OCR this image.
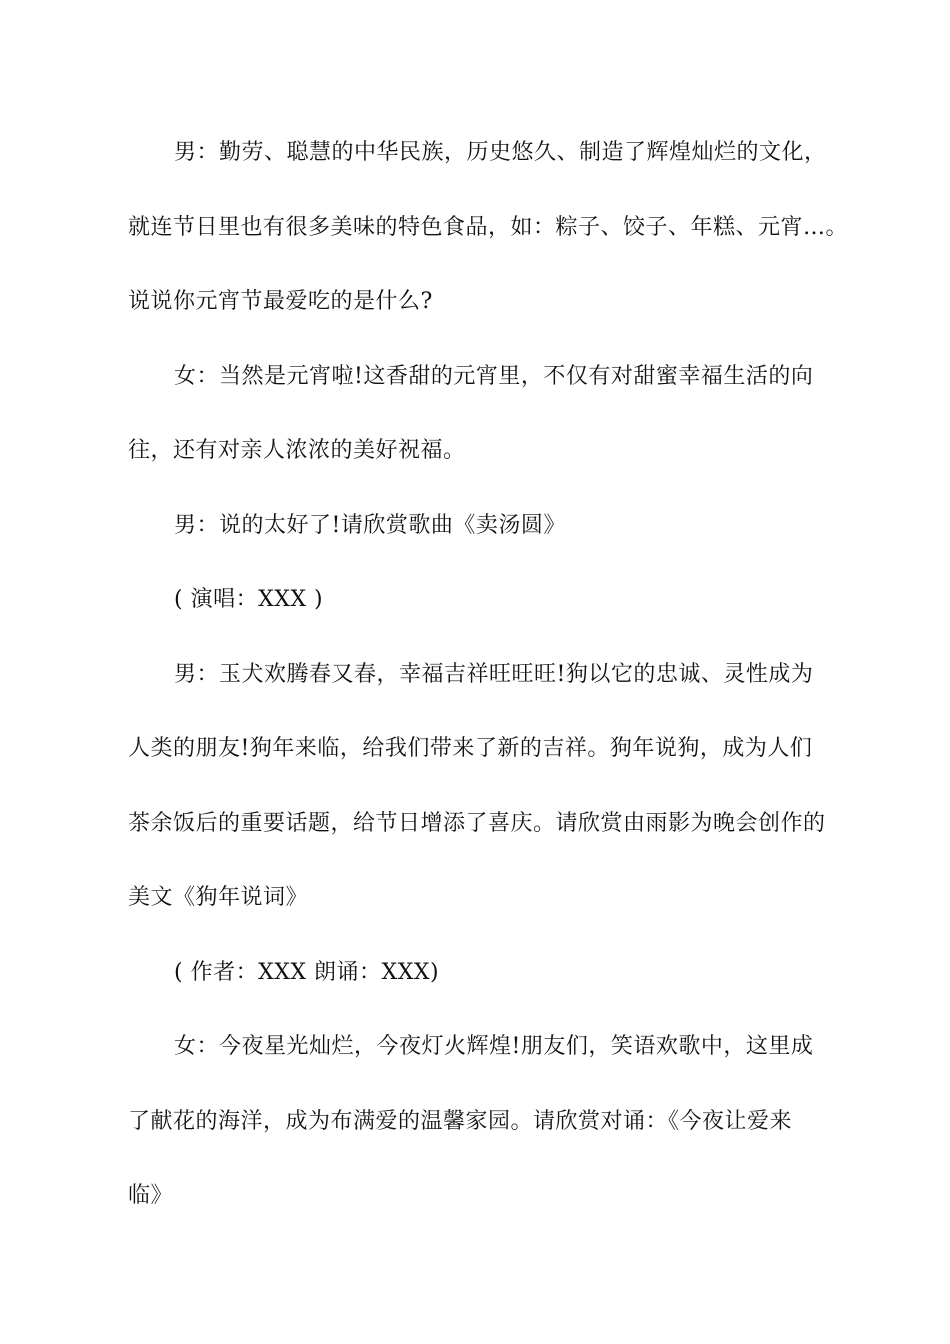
男：勤劳、聪慧的中华民族，历史悠久、制造了辉煌灿烂的文化，
就连节日里也有很多美味的特色食品，如：粽子、饺子、年糕、元宵…。
说说你元宵节最爱吃的是什么?
女：当然是元宵啦!这香甜的元宵里，不仅有对甜蜜幸福生活的向
往，还有对亲人浓浓的美好祝福。
男：说的太好了!请欣赏歌曲《卖汤圆》
( 演唱：XXX )
男：玉犬欢腾春又春，幸福吉祥旺旺旺!狗以它的忠诚、灵性成为
人类的朋友!狗年来临，给我们带来了新的吉祥。狗年说狗，成为人们
茶余饭后的重要话题，给节日增添了喜庆。请欣赏由雨影为晚会创作的
美文《狗年说词》
( 作者：XXX 朗诵：XXX)
女：今夜星光灿烂，今夜灯火辉煌!朋友们，笑语欢歌中，这里成
了献花的海洋，成为布满爱的温馨家园。请欣赏对诵：《今夜让爱来
临》
